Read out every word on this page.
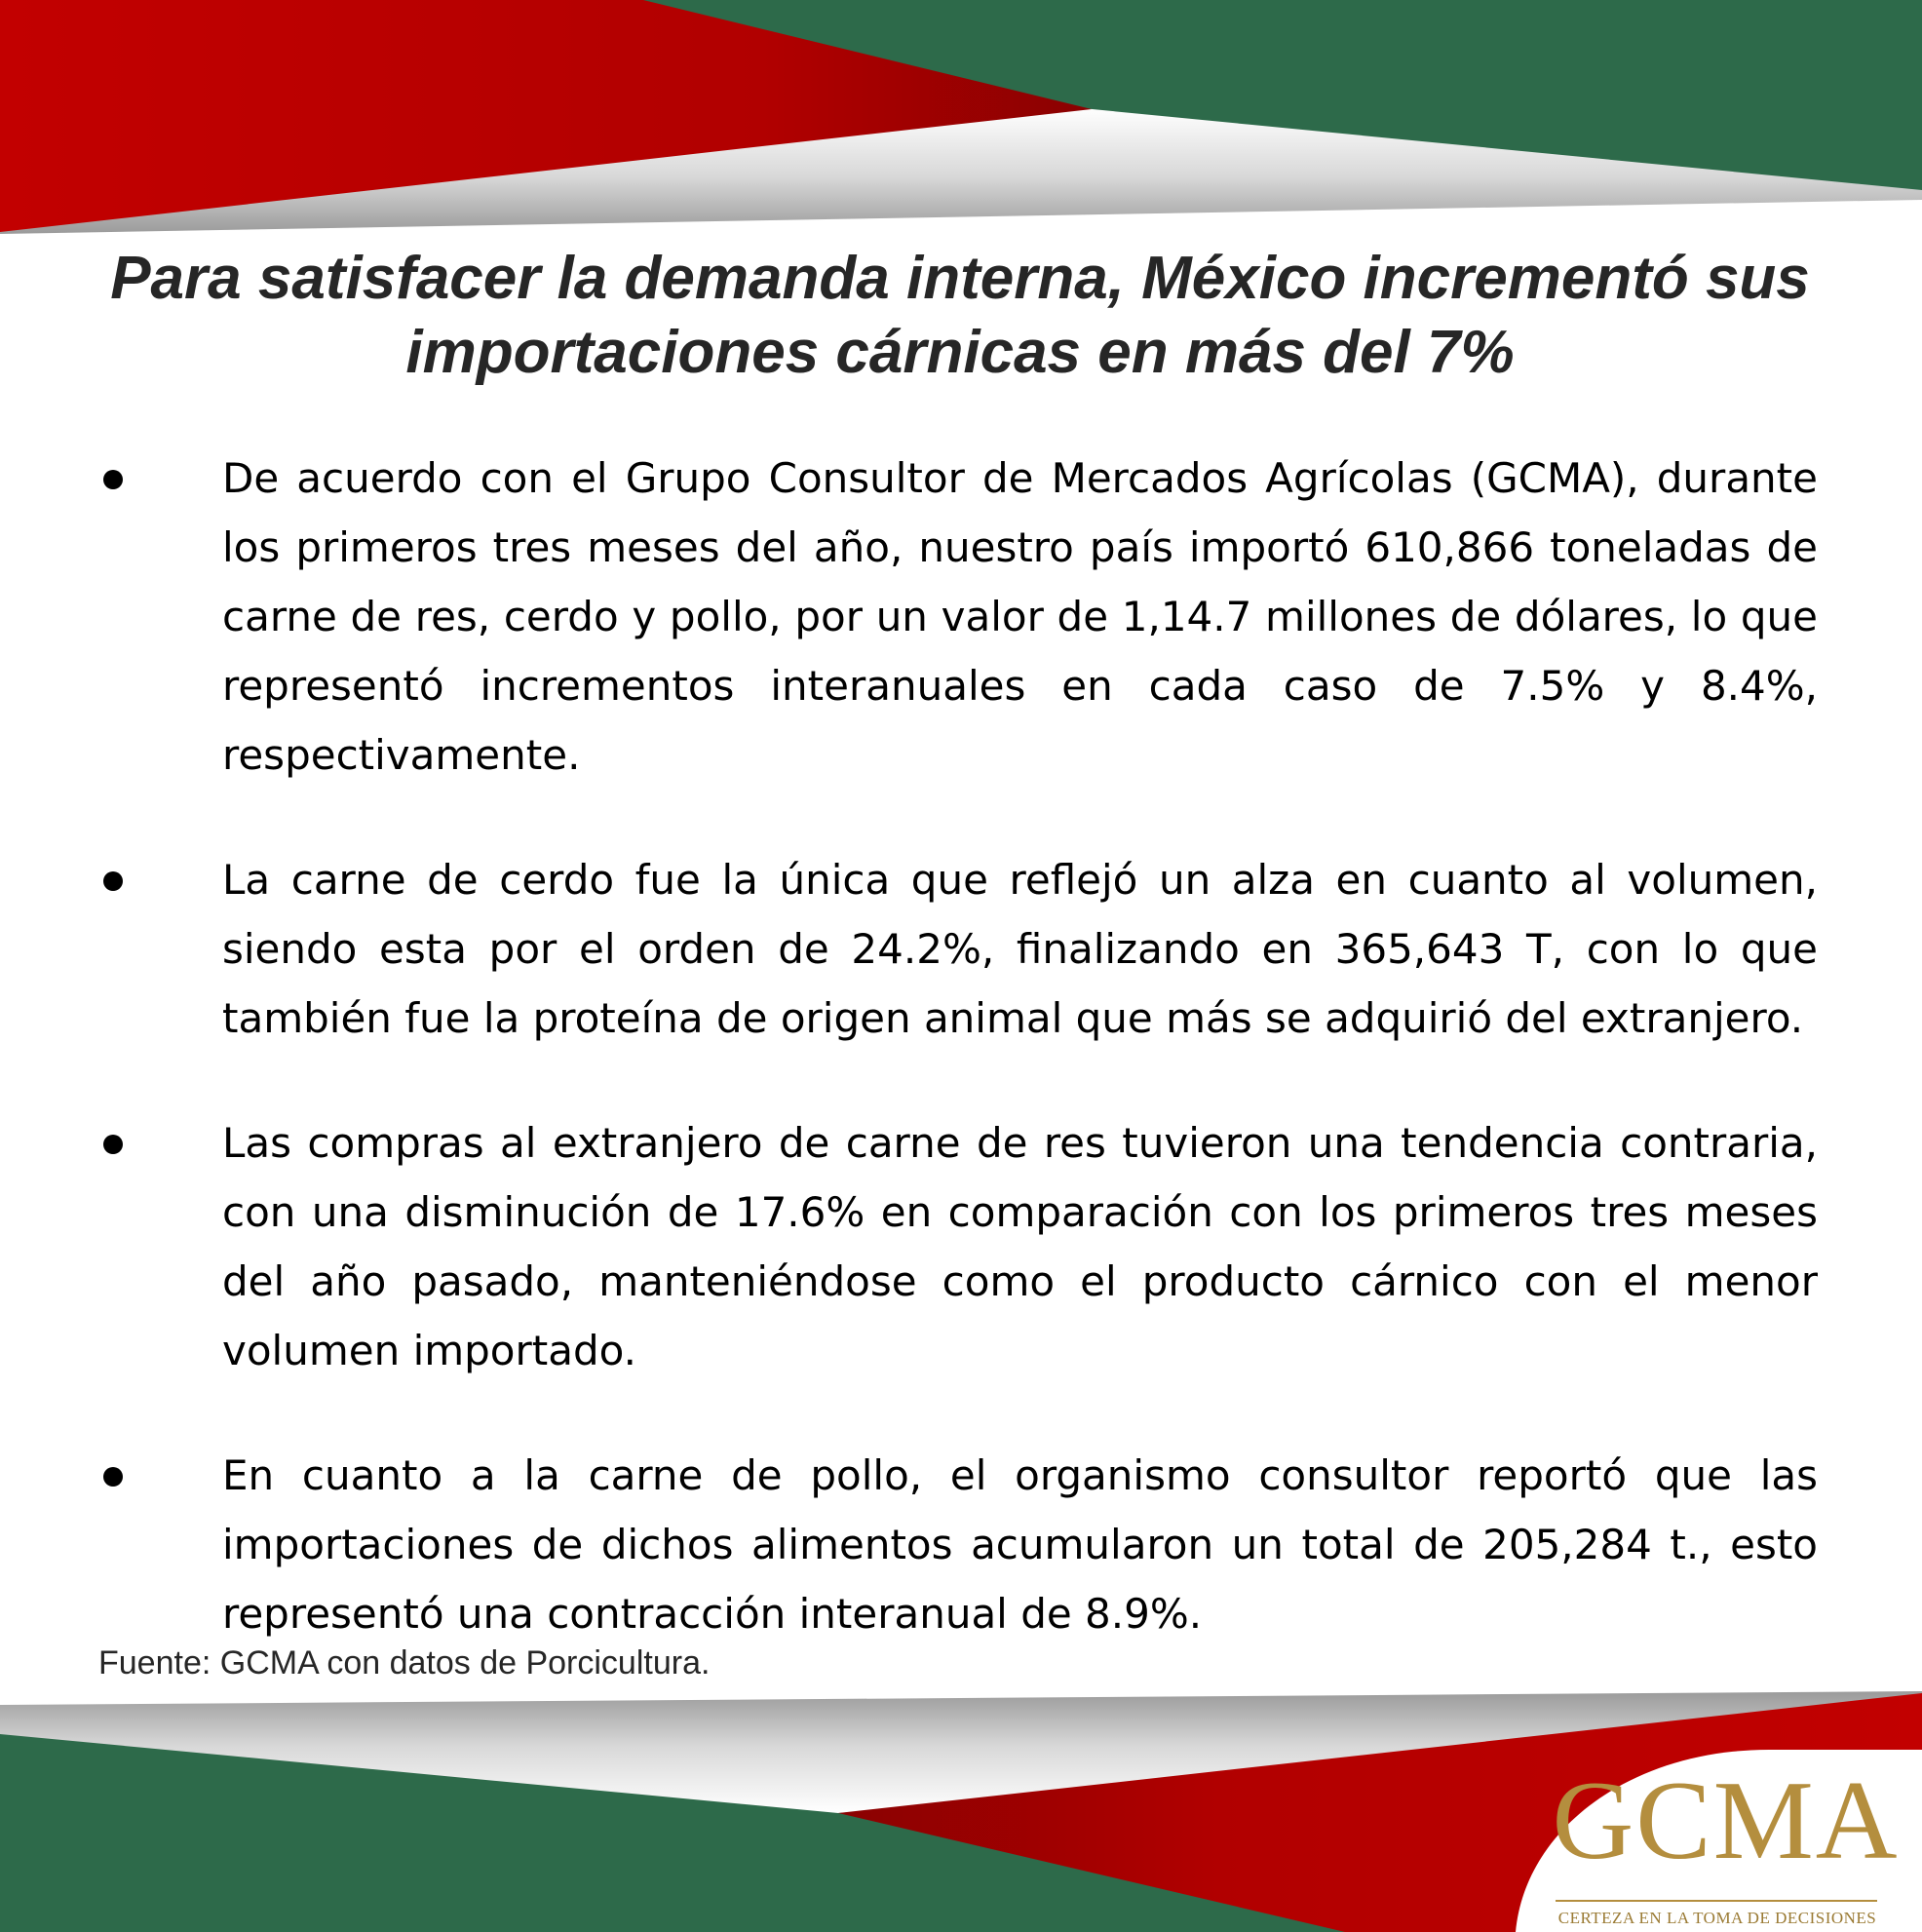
Para satisfacer la demanda interna, México incrementó sus importaciones cárnicas en más del 7%

De acuerdo con el Grupo Consultor de Mercados Agrícolas (GCMA), durante los primeros tres meses del año, nuestro país importó 610,866 toneladas de carne de res, cerdo y pollo, por un valor de 1,14.7 millones de dólares, lo que representó incrementos interanuales en cada caso de 7.5% y 8.4%, respectivamente.

La carne de cerdo fue la única que reflejó un alza en cuanto al volumen, siendo esta por el orden de 24.2%, finalizando en 365,643 T, con lo que también fue la proteína de origen animal que más se adquirió del extranjero.

Las compras al extranjero de carne de res tuvieron una tendencia contraria, con una disminución de 17.6% en comparación con los primeros tres meses del año pasado, manteniéndose como el producto cárnico con el menor volumen importado.

En cuanto a la carne de pollo, el organismo consultor reportó que las importaciones de dichos alimentos acumularon un total de 205,284 t., esto representó una contracción interanual de 8.9%.

Fuente: GCMA con datos de Porcicultura.

GCMA
CERTEZA EN LA TOMA DE DECISIONES
